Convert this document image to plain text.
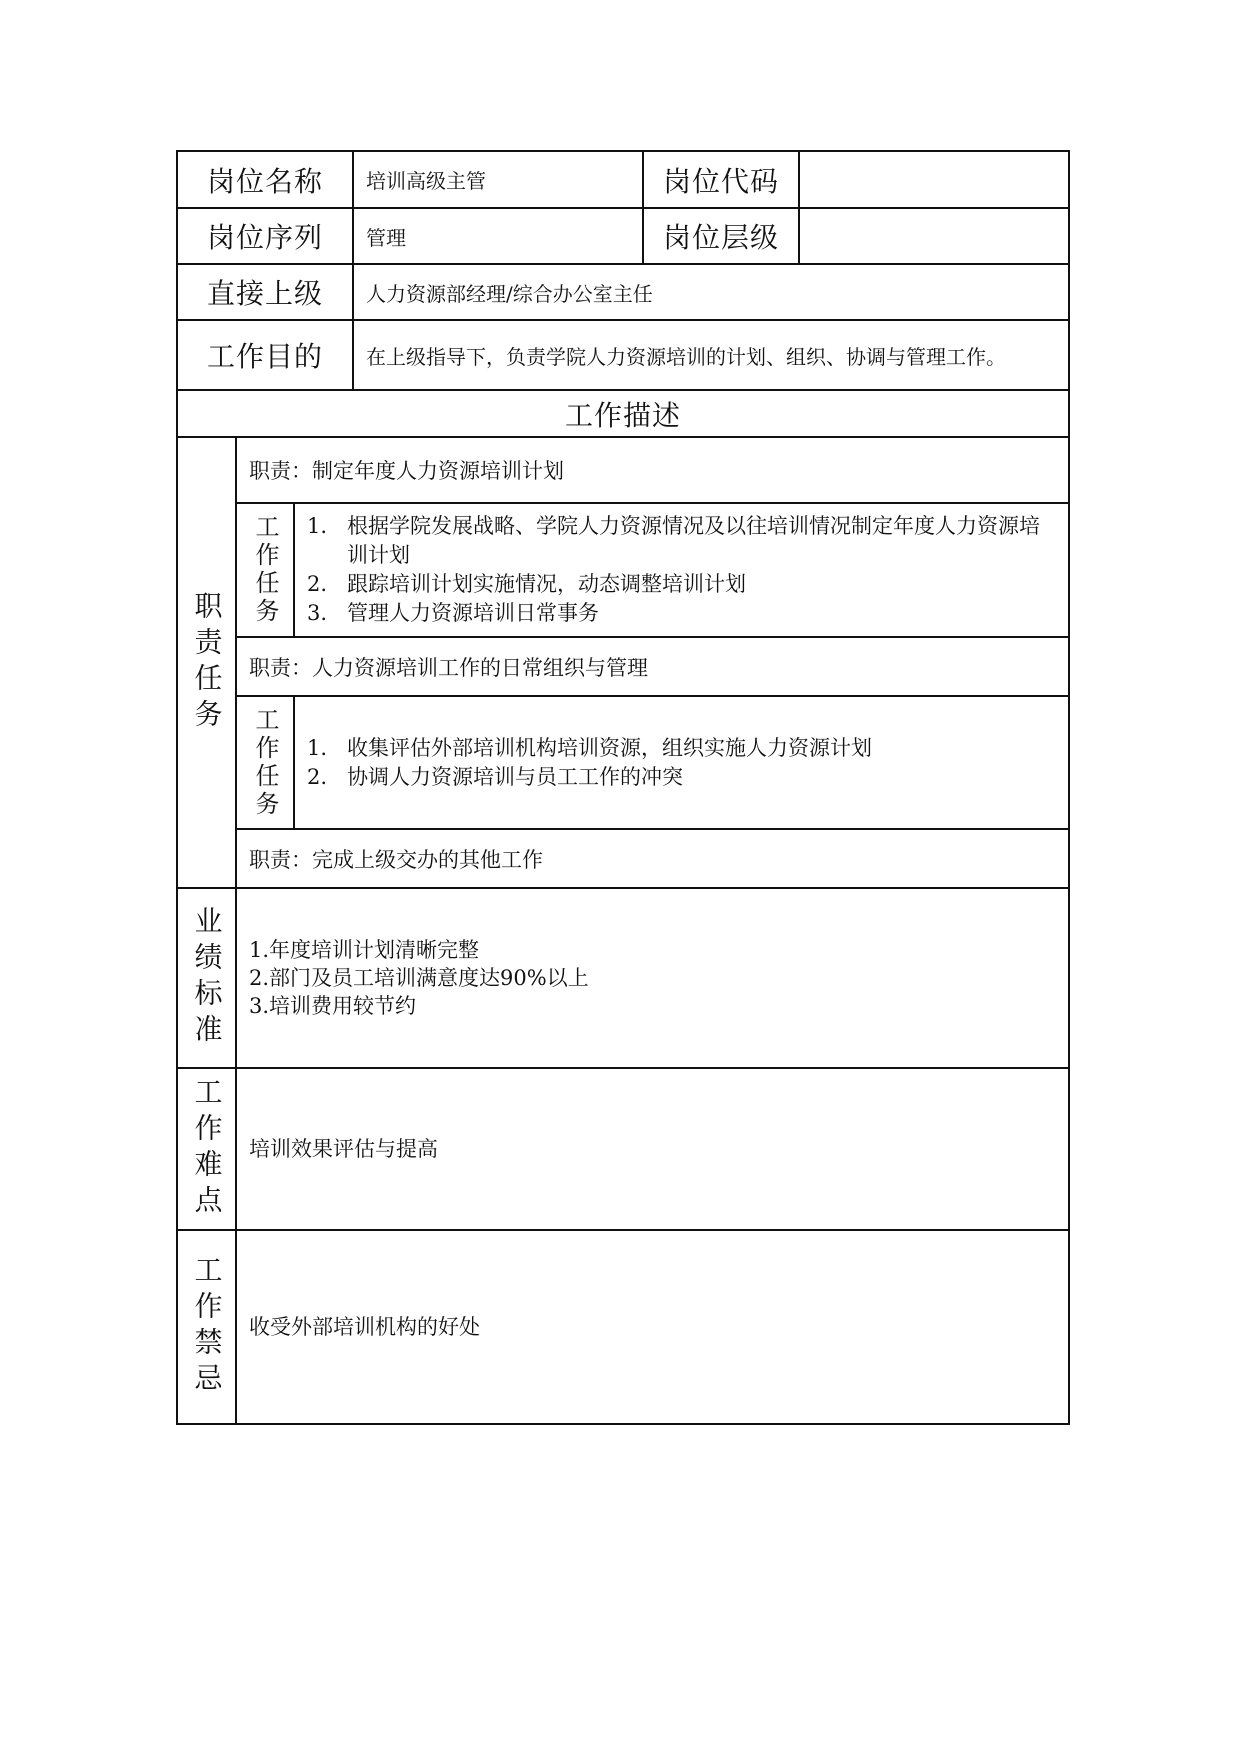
岗位名称	培训高级主管	岗位代码
岗位序列	管理	岗位层级
直接上级	人力资源部经理/综合办公室主任
工作目的	在上级指导下，负责学院人力资源培训的计划、组织、协调与管理工作。
工作描述
职责任务
职责：制定年度人力资源培训计划
工作任务	1. 根据学院发展战略、学院人力资源情况及以往培训情况制定年度人力资源培训计划
2. 跟踪培训计划实施情况，动态调整培训计划
3. 管理人力资源培训日常事务
职责：人力资源培训工作的日常组织与管理
工作任务	1. 收集评估外部培训机构培训资源，组织实施人力资源计划
2. 协调人力资源培训与员工工作的冲突
职责：完成上级交办的其他工作
业绩标准	1.年度培训计划清晰完整
2.部门及员工培训满意度达90%以上
3.培训费用较节约
工作难点	培训效果评估与提高
工作禁忌	收受外部培训机构的好处
